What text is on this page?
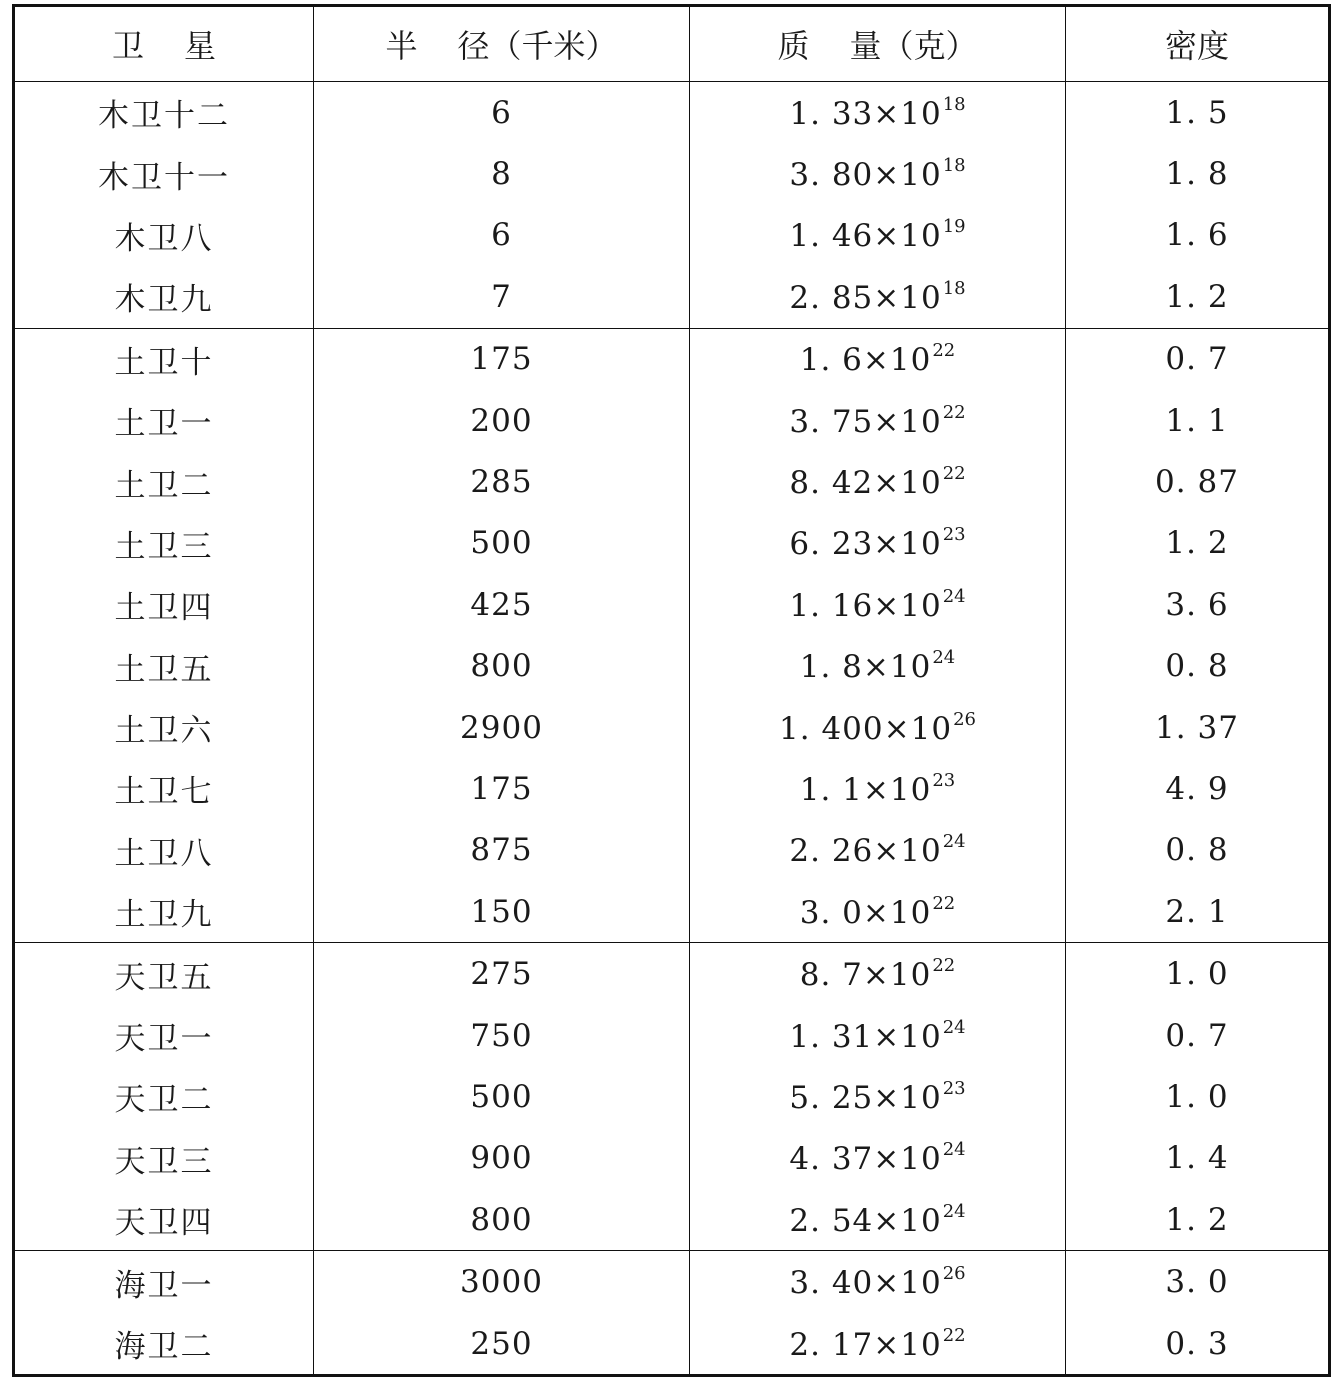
卫 星	半 径（千米）	质 量（克）	密度
木卫十二	6	1. $33\times 10^{18}$	1. 5
木卫十一	8	3. $80\times 10^{18}$	1. 8
木卫八	6	1. $46\times 10^{19}$	1. 6
木卫九	7	2. $85\times 10^{18}$	1. 2
土卫十	175	1. $6\times 10^{22}$	0. 7
土卫一	200	3. $75\times 10^{22}$	1. 1
土卫二	285	8. $42\times 10^{22}$	0. 87
土卫三	500	6. $23\times 10^{23}$	1. 2
土卫四	425	1. $16\times 10^{24}$	3. 6
土卫五	800	1. $8\times 10^{24}$	0. 8
土卫六	2900	1. $400\times 10^{26}$	1. 37
土卫七	175	1. $1\times 10^{23}$	4. 9
土卫八	875	2. $26\times 10^{24}$	0. 8
土卫九	150	3. $0\times 10^{22}$	2. 1
天卫五	275	8. $7\times 10^{22}$	1. 0
天卫一	750	1. $31\times 10^{24}$	0. 7
天卫二	500	5. $25\times 10^{23}$	1. 0
天卫三	900	4. $37\times 10^{24}$	1. 4
天卫四	800	2. $54\times 10^{24}$	1. 2
海卫一	3000	3. $40\times 10^{26}$	3. 0
海卫二	250	2. $17\times 10^{22}$	0. 3
